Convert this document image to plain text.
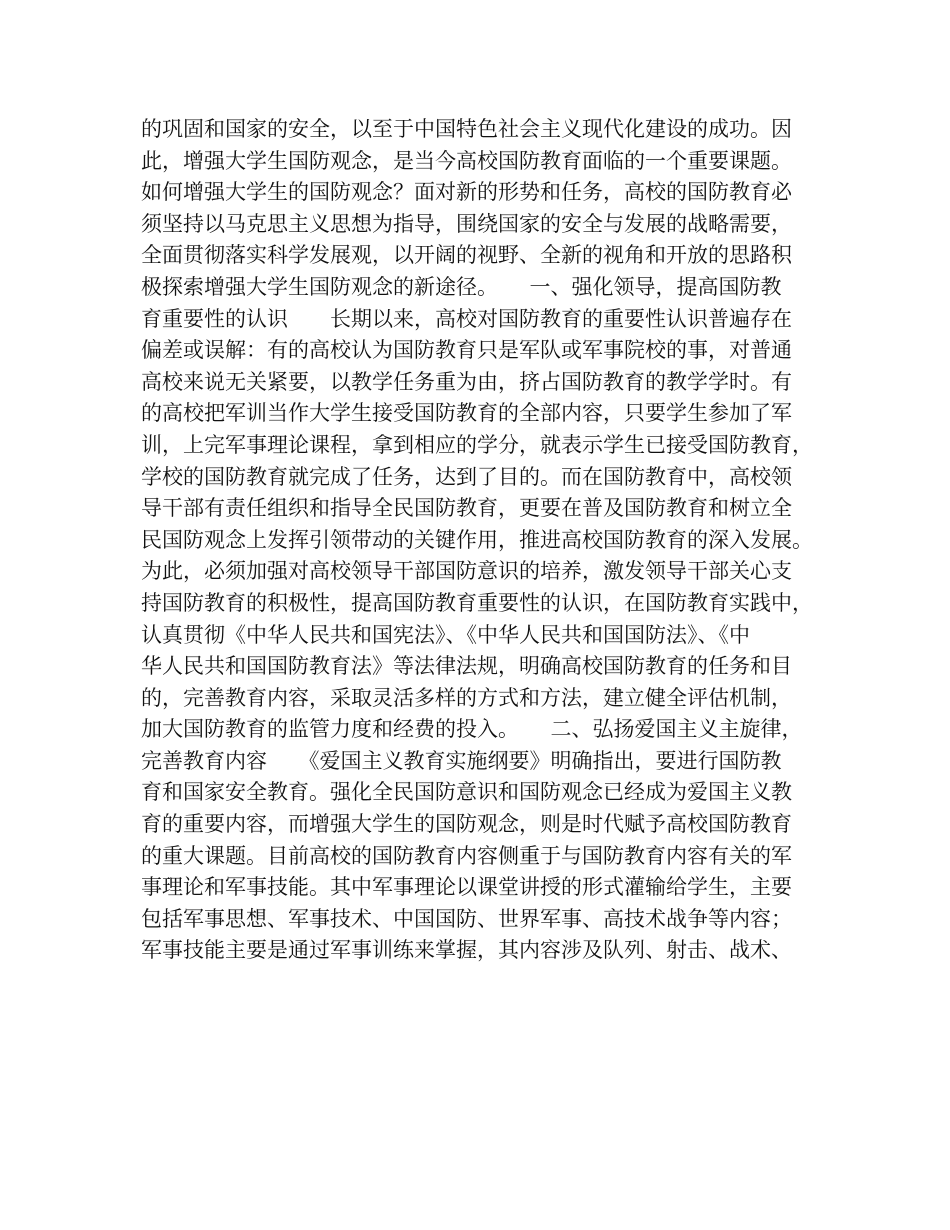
的巩固和国家的安全，以至于中国特色社会主义现代化建设的成功。因

此，增强大学生国防观念，是当今高校国防教育面临的一个重要课题。

如何增强大学生的国防观念？面对新的形势和任务，高校的国防教育必

须坚持以马克思主义思想为指导，围绕国家的安全与发展的战略需要，

全面贯彻落实科学发展观，以开阔的视野、全新的视角和开放的思路积

极探索增强大学生国防观念的新途径。　　一、强化领导，提高国防教

育重要性的认识　　长期以来，高校对国防教育的重要性认识普遍存在

偏差或误解：有的高校认为国防教育只是军队或军事院校的事，对普通

高校来说无关紧要，以教学任务重为由，挤占国防教育的教学学时。有

的高校把军训当作大学生接受国防教育的全部内容，只要学生参加了军

训，上完军事理论课程，拿到相应的学分，就表示学生已接受国防教育，

学校的国防教育就完成了任务，达到了目的。而在国防教育中，高校领

导干部有责任组织和指导全民国防教育，更要在普及国防教育和树立全

民国防观念上发挥引领带动的关键作用，推进高校国防教育的深入发展。

为此，必须加强对高校领导干部国防意识的培养，激发领导干部关心支

持国防教育的积极性，提高国防教育重要性的认识，在国防教育实践中，

认真贯彻《中华人民共和国宪法》、《中华人民共和国国防法》、《中

华人民共和国国防教育法》等法律法规，明确高校国防教育的任务和目

的，完善教育内容，采取灵活多样的方式和方法，建立健全评估机制，

加大国防教育的监管力度和经费的投入。　　二、弘扬爱国主义主旋律，

完善教育内容　　《爱国主义教育实施纲要》明确指出，要进行国防教

育和国家安全教育。强化全民国防意识和国防观念已经成为爱国主义教

育的重要内容，而增强大学生的国防观念，则是时代赋予高校国防教育

的重大课题。目前高校的国防教育内容侧重于与国防教育内容有关的军

事理论和军事技能。其中军事理论以课堂讲授的形式灌输给学生，主要

包括军事思想、军事技术、中国国防、世界军事、高技术战争等内容；

军事技能主要是通过军事训练来掌握，其内容涉及队列、射击、战术、
